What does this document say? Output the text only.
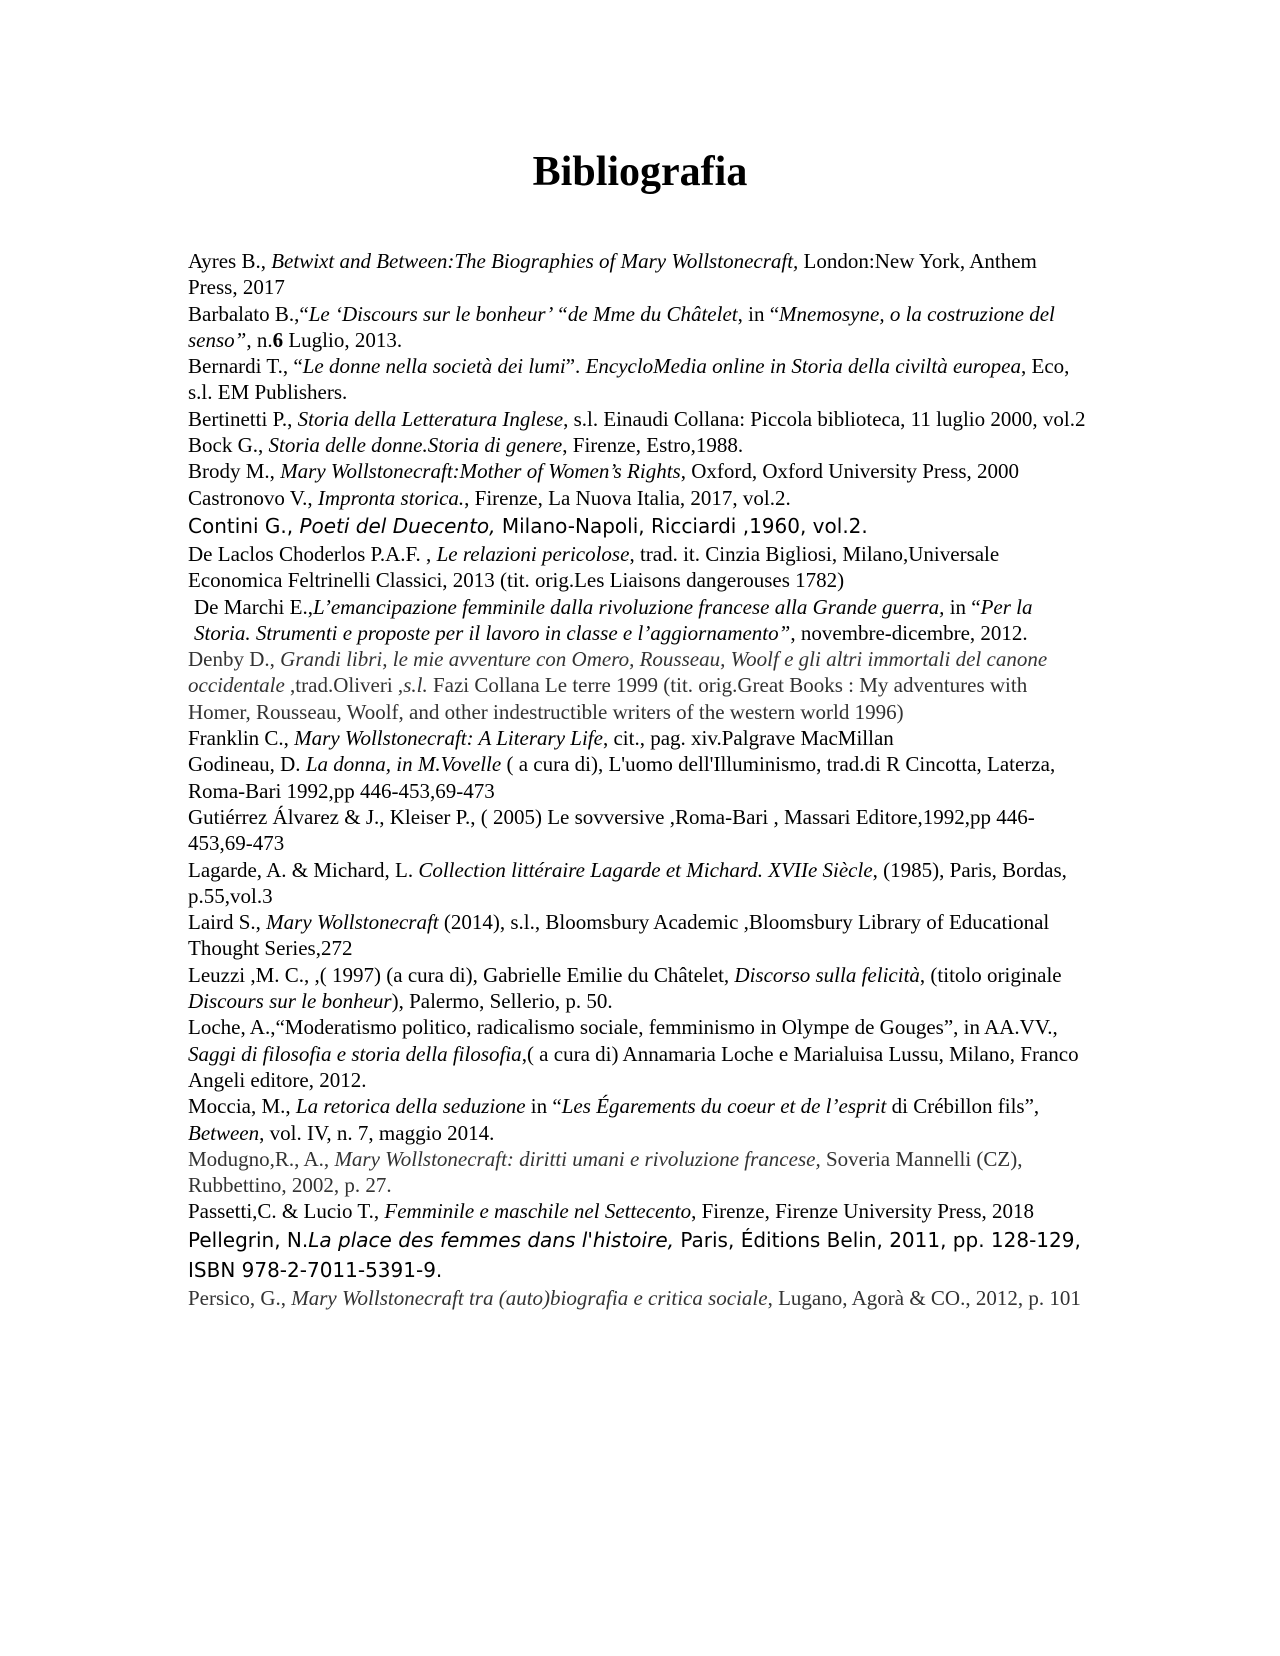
Bibliografia
Ayres B., Betwixt and Between:The Biographies of Mary Wollstonecraft, London:New York, Anthem Press, 2017
Barbalato B.,“Le ‘Discours sur le bonheur’ “de Mme du Châtelet, in “Mnemosyne, o la costruzione del senso”, n.6 Luglio, 2013.
Bernardi T., “Le donne nella società dei lumi”. EncycloMedia online in Storia della civiltà europea, Eco, s.l. EM Publishers.
Bertinetti P., Storia della Letteratura Inglese, s.l. Einaudi Collana: Piccola biblioteca, 11 luglio 2000, vol.2
Bock G., Storia delle donne.Storia di genere, Firenze, Estro,1988.
Brody M., Mary Wollstonecraft:Mother of Women’s Rights, Oxford, Oxford University Press, 2000
Castronovo V., Impronta storica., Firenze, La Nuova Italia, 2017, vol.2.
Contini G., Poeti del Duecento, Milano-Napoli, Ricciardi ,1960, vol.2.
De Laclos Choderlos P.A.F. , Le relazioni pericolose, trad. it. Cinzia Bigliosi, Milano,Universale Economica Feltrinelli Classici, 2013 (tit. orig.Les Liaisons dangerouses 1782)
De Marchi E.,L’emancipazione femminile dalla rivoluzione francese alla Grande guerra, in “Per la Storia. Strumenti e proposte per il lavoro in classe e l’aggiornamento”, novembre-dicembre, 2012.
Denby D., Grandi libri, le mie avventure con Omero, Rousseau, Woolf e gli altri immortali del canone occidentale ,trad.Oliveri ,s.l. Fazi Collana Le terre 1999 (tit. orig.Great Books : My adventures with Homer, Rousseau, Woolf, and other indestructible writers of the western world 1996)
Franklin C., Mary Wollstonecraft: A Literary Life, cit., pag. xiv.Palgrave MacMillan
Godineau, D. La donna, in M.Vovelle ( a cura di), L'uomo dell'Illuminismo, trad.di R Cincotta, Laterza, Roma-Bari 1992,pp 446-453,69-473
Gutiérrez Álvarez & J., Kleiser P., ( 2005) Le sovversive ,Roma-Bari , Massari Editore,1992,pp 446-453,69-473
Lagarde, A. & Michard, L. Collection littéraire Lagarde et Michard. XVIIe Siècle, (1985), Paris, Bordas, p.55,vol.3
Laird S., Mary Wollstonecraft (2014), s.l., Bloomsbury Academic ,Bloomsbury Library of Educational Thought Series,272
Leuzzi ,M. C., ,( 1997) (a cura di), Gabrielle Emilie du Châtelet, Discorso sulla felicità, (titolo originale Discours sur le bonheur), Palermo, Sellerio, p. 50.
Loche, A.,“Moderatismo politico, radicalismo sociale, femminismo in Olympe de Gouges”, in AA.VV., Saggi di filosofia e storia della filosofia,( a cura di) Annamaria Loche e Marialuisa Lussu, Milano, Franco Angeli editore, 2012.
Moccia, M., La retorica della seduzione in “Les Égarements du coeur et de l’esprit di Crébillon fils”, Between, vol. IV, n. 7, maggio 2014.
Modugno,R., A., Mary Wollstonecraft: diritti umani e rivoluzione francese, Soveria Mannelli (CZ), Rubbettino, 2002, p. 27.
Passetti,C. & Lucio T., Femminile e maschile nel Settecento, Firenze, Firenze University Press, 2018
Pellegrin, N.La place des femmes dans l'histoire, Paris, Éditions Belin, 2011, pp. 128-129, ISBN 978-2-7011-5391-9.
Persico, G., Mary Wollstonecraft tra (auto)biografia e critica sociale, Lugano, Agorà & CO., 2012, p. 101
